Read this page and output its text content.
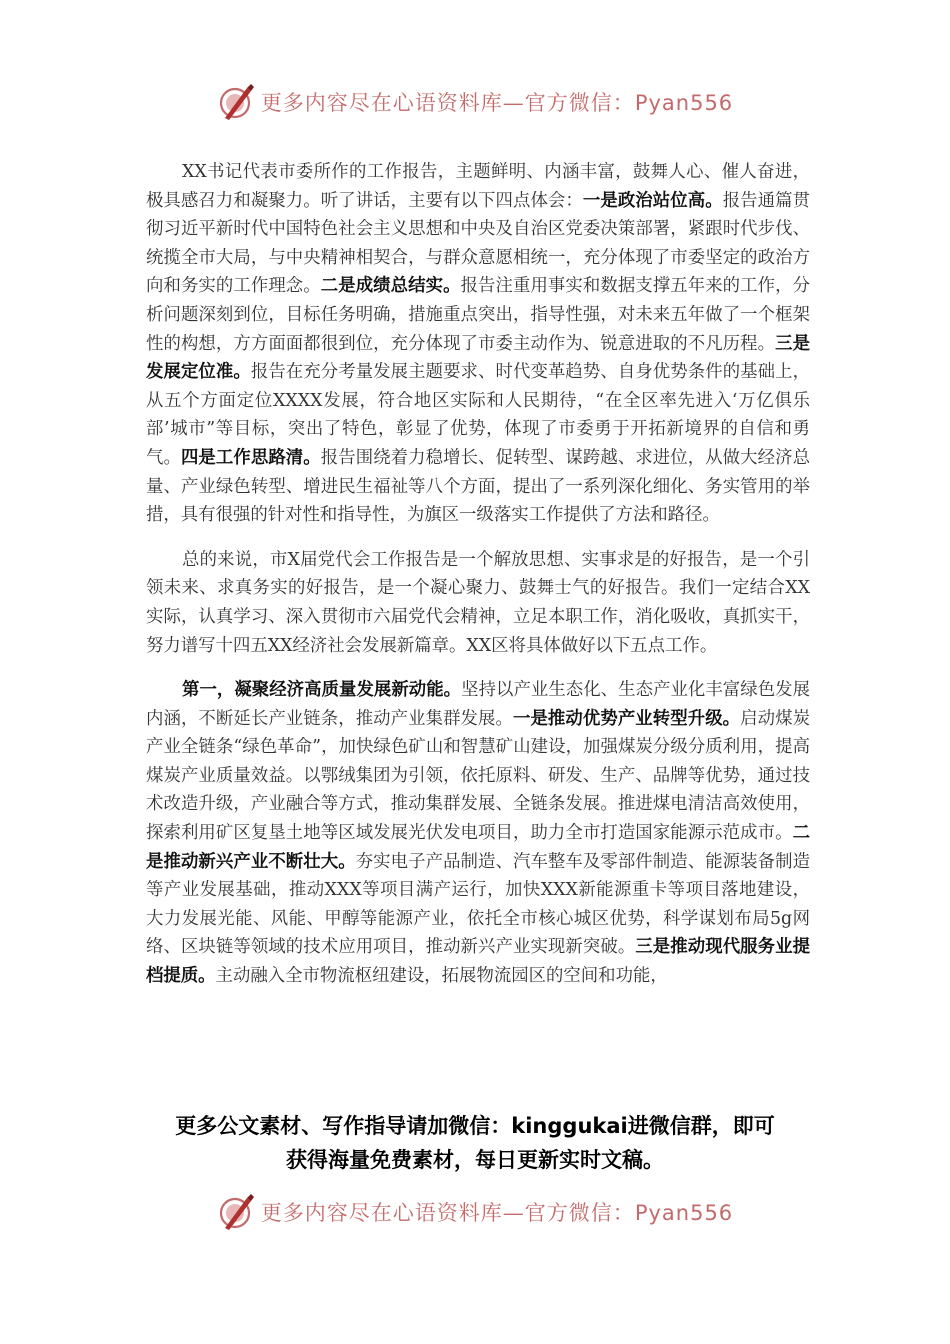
更多内容尽在心语资料库—官方微信：Pyan556

XX书记代表市委所作的工作报告，主题鲜明、内涵丰富，鼓舞人心、催人奋进，极具感召力和凝聚力。听了讲话，主要有以下四点体会：一是政治站位高。报告通篇贯彻习近平新时代中国特色社会主义思想和中央及自治区党委决策部署，紧跟时代步伐、统揽全市大局，与中央精神相契合，与群众意愿相统一，充分体现了市委坚定的政治方向和务实的工作理念。二是成绩总结实。报告注重用事实和数据支撑五年来的工作，分析问题深刻到位，目标任务明确，措施重点突出，指导性强，对未来五年做了一个框架性的构想，方方面面都很到位，充分体现了市委主动作为、锐意进取的不凡历程。三是发展定位准。报告在充分考量发展主题要求、时代变革趋势、自身优势条件的基础上，从五个方面定位XXXX发展，符合地区实际和人民期待，“在全区率先进入‘万亿俱乐部’城市”等目标，突出了特色，彰显了优势，体现了市委勇于开拓新境界的自信和勇气。四是工作思路清。报告围绕着力稳增长、促转型、谋跨越、求进位，从做大经济总量、产业绿色转型、增进民生福祉等八个方面，提出了一系列深化细化、务实管用的举措，具有很强的针对性和指导性，为旗区一级落实工作提供了方法和路径。

总的来说，市X届党代会工作报告是一个解放思想、实事求是的好报告，是一个引领未来、求真务实的好报告，是一个凝心聚力、鼓舞士气的好报告。我们一定结合XX实际，认真学习、深入贯彻市六届党代会精神，立足本职工作，消化吸收，真抓实干，努力谱写十四五XX经济社会发展新篇章。XX区将具体做好以下五点工作。

第一，凝聚经济高质量发展新动能。坚持以产业生态化、生态产业化丰富绿色发展内涵，不断延长产业链条，推动产业集群发展。一是推动优势产业转型升级。启动煤炭产业全链条“绿色革命”，加快绿色矿山和智慧矿山建设，加强煤炭分级分质利用，提高煤炭产业质量效益。以鄂绒集团为引领，依托原料、研发、生产、品牌等优势，通过技术改造升级，产业融合等方式，推动集群发展、全链条发展。推进煤电清洁高效使用，探索利用矿区复垦土地等区域发展光伏发电项目，助力全市打造国家能源示范成市。二是推动新兴产业不断壮大。夯实电子产品制造、汽车整车及零部件制造、能源装备制造等产业发展基础，推动XXX等项目满产运行，加快XXX新能源重卡等项目落地建设，大力发展光能、风能、甲醇等能源产业，依托全市核心城区优势，科学谋划布局5g网络、区块链等领域的技术应用项目，推动新兴产业实现新突破。三是推动现代服务业提档提质。主动融入全市物流枢纽建设，拓展物流园区的空间和功能，

更多公文素材、写作指导请加微信：kinggukai进微信群，即可
获得海量免费素材，每日更新实时文稿。
更多内容尽在心语资料库—官方微信：Pyan556
